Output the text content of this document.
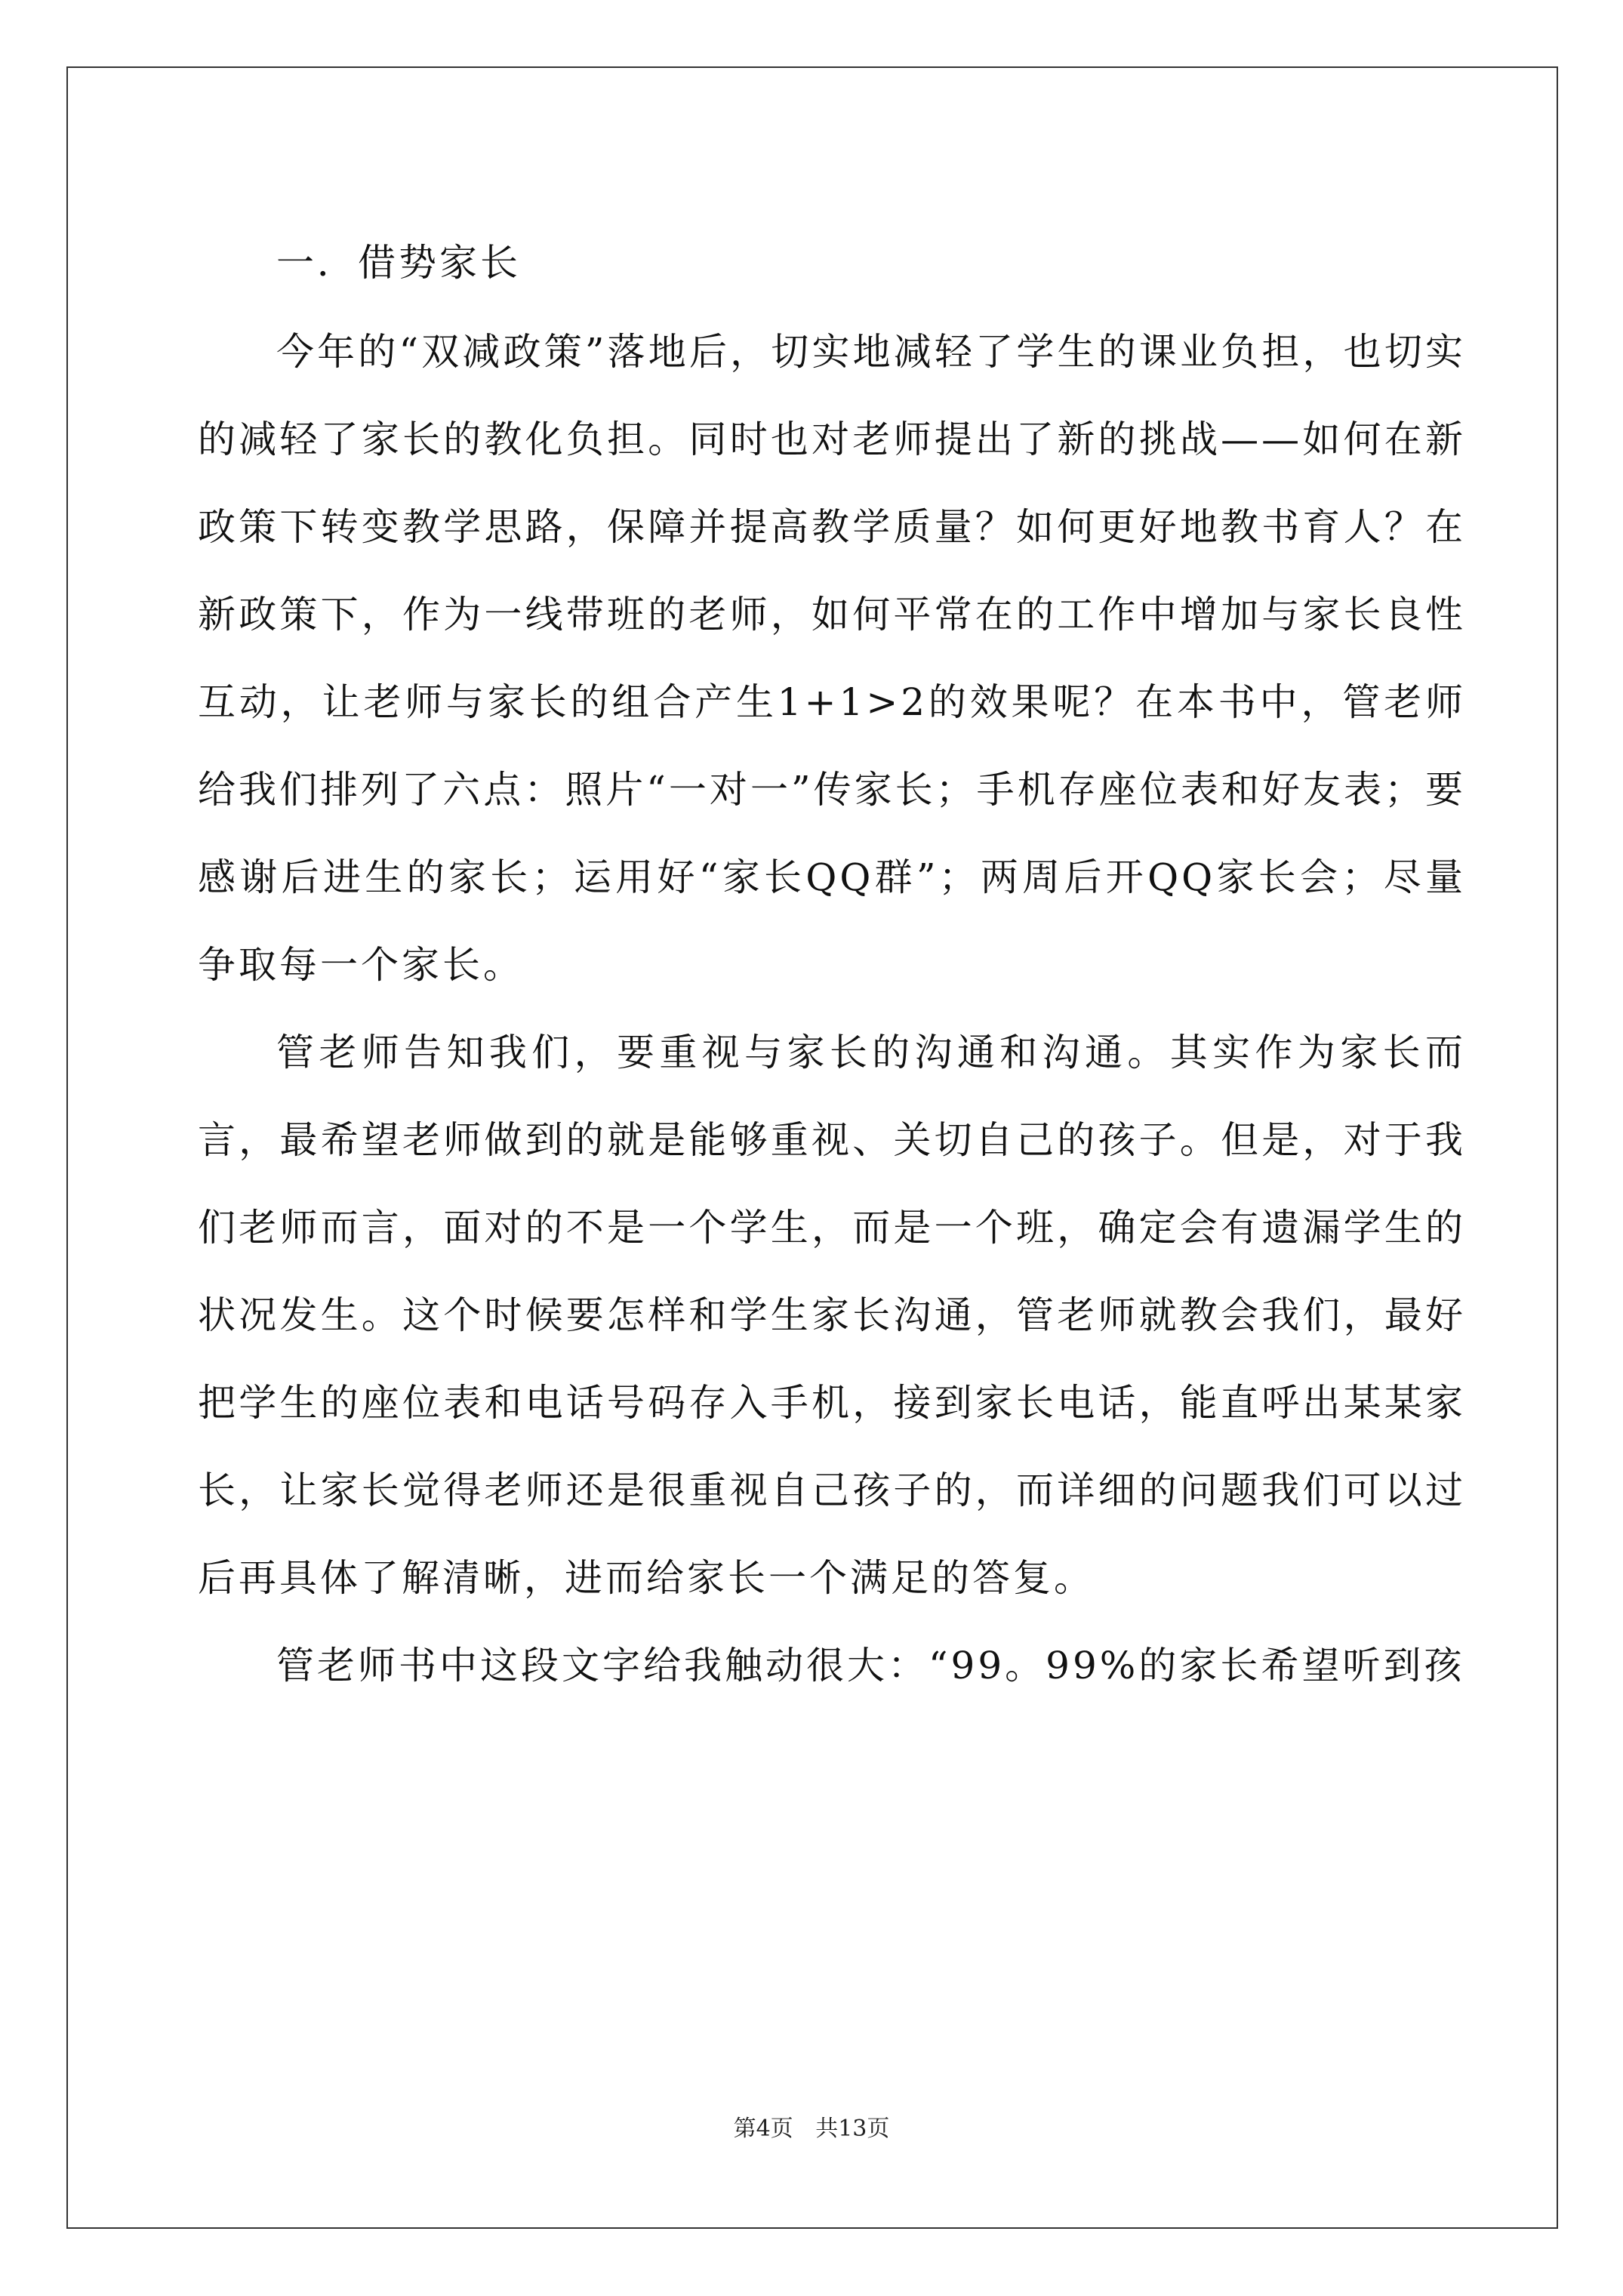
一．借势家长

今年的“双减政策”落地后，切实地减轻了学生的课业负担，也切实的减轻了家长的教化负担。同时也对老师提出了新的挑战——如何在新政策下转变教学思路，保障并提高教学质量？如何更好地教书育人？在新政策下，作为一线带班的老师，如何平常在的工作中增加与家长良性互动，让老师与家长的组合产生1+1>2的效果呢？在本书中，管老师给我们排列了六点：照片“一对一”传家长；手机存座位表和好友表；要感谢后进生的家长；运用好“家长QQ群”；两周后开QQ家长会；尽量争取每一个家长。

管老师告知我们，要重视与家长的沟通和沟通。其实作为家长而言，最希望老师做到的就是能够重视、关切自己的孩子。但是，对于我们老师而言，面对的不是一个学生，而是一个班，确定会有遗漏学生的状况发生。这个时候要怎样和学生家长沟通，管老师就教会我们，最好把学生的座位表和电话号码存入手机，接到家长电话，能直呼出某某家长，让家长觉得老师还是很重视自己孩子的，而详细的问题我们可以过后再具体了解清晰，进而给家长一个满足的答复。

管老师书中这段文字给我触动很大：“99。99%的家长希望听到孩

第4页 共13页
